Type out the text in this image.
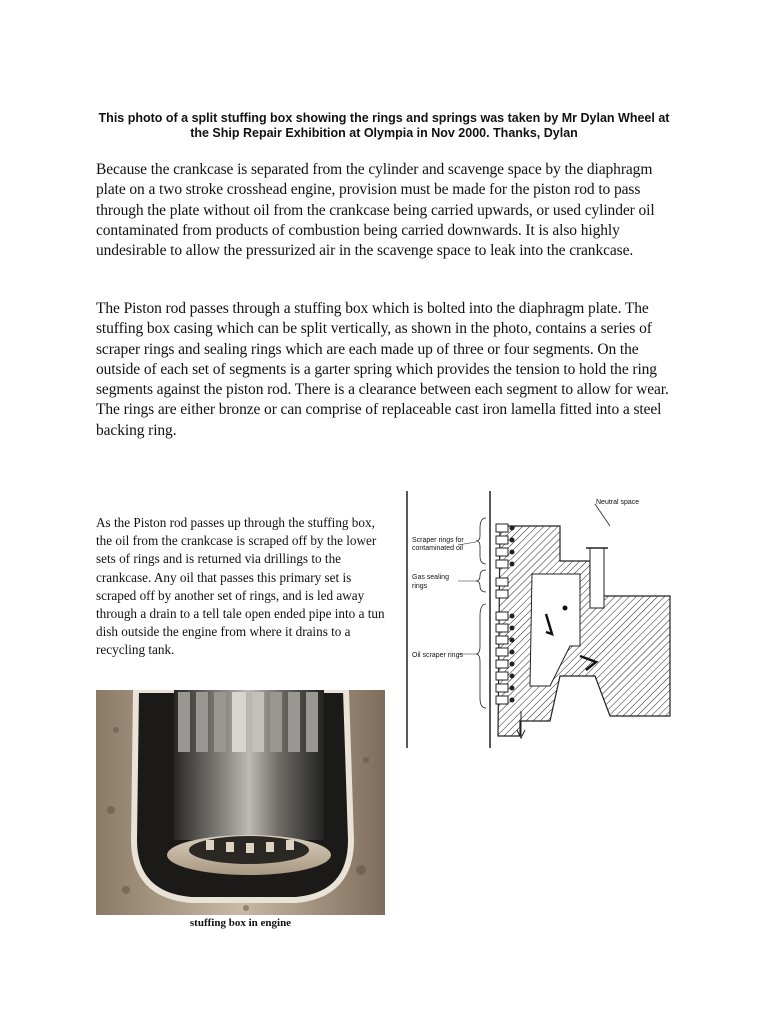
This photo of a split stuffing box showing the rings and springs was taken by Mr Dylan Wheel at
the Ship Repair Exhibition at Olympia in Nov 2000. Thanks, Dylan

Because the crankcase is separated from the cylinder and scavenge space by the diaphragm plate on a two stroke crosshead engine, provision must be made for the piston rod to pass through the plate without oil from the crankcase being carried upwards, or used cylinder oil contaminated from products of combustion being carried downwards. It is also highly undesirable to allow the pressurized air in the scavenge space to leak into the crankcase.

The Piston rod passes through a stuffing box which is bolted into the diaphragm plate. The stuffing box casing which can be split vertically, as shown in the photo, contains a series of scraper rings and sealing rings which are each made up of three or four segments. On the outside of each set of segments is a garter spring which provides the tension to hold the ring segments against the piston rod. There is a clearance between each segment to allow for wear. The rings are either bronze or can comprise of replaceable cast iron lamella fitted into a steel backing ring.

As the Piston rod passes up through the stuffing box, the oil from the crankcase is scraped off by the lower sets of rings and is returned via drillings to the crankcase. Any oil that passes this primary set is scraped off by another set of rings, and is led away through a drain to a tell tale open ended pipe into a tun dish outside the engine from where it drains to a recycling tank.

stuffing box in engine
Neutral space
Scraper rings for
contaminated oil
Gas sealing
rings
Oil scraper rings
